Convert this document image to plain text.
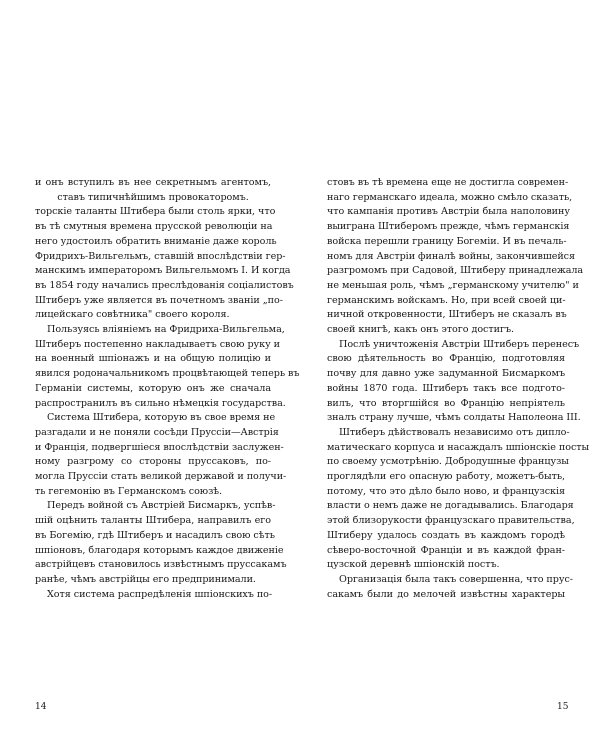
и онъ вступилъ въ нее секретнымъ агентомъ,
ставъ типичнѣйшимъ провокаторомъ.
торскіе таланты Штибера были столь ярки, что
въ тѣ смутныя времена прусской революціи на
него удостоилъ обратить вниманіе даже король
Фридрихъ-Вильгельмъ, ставшій впослѣдствіи гер-
манскимъ императоромъ Вильгельмомъ I. И когда
въ 1854 году начались преслѣдованія соціалистовъ
Штиберъ уже является въ почетномъ званіи „по-
лицейскаго совѣтника" своего короля.
Пользуясь вліяніемъ на Фридриха-Вильгельма,
Штиберъ постепенно накладываетъ свою руку и
на военный шпіонажъ и на общую полицію и
явился родоначальникомъ процвѣтающей теперь въ
Германіи системы, которую онъ же сначала
распространилъ въ сильно нѣмецкія государства.
Система Штибера, которую въ свое время не
разгадали и не поняли сосѣди Пруссіи—Австрія
и Франція, подвергшіеся впослѣдствіи заслужен-
ному разгрому со стороны пруссаковъ, по-
могла Пруссіи стать великой державой и получи-
ть гегемонію въ Германскомъ союзѣ.
Передъ войной съ Австріей Бисмаркъ, успѣв-
шій оцѣнить таланты Штибера, направилъ его
въ Богемію, гдѣ Штиберъ и насадилъ свою сѣть
шпіоновъ, благодаря которымъ каждое движеніе
австрійцевъ становилось извѣстнымъ пруссакамъ
ранѣе, чѣмъ австрійцы его предпринимали.
Хотя система распредѣленія шпіонскихъ по-
стовъ въ тѣ времена еще не достигла современ-
наго германскаго идеала, можно смѣло сказать,
что кампанія противъ Австріи была наполовину
выиграна Штиберомъ прежде, чѣмъ германскія
войска перешли границу Богеміи. И въ печаль-
номъ для Австріи финалѣ войны, закончившейся
разгромомъ при Садовой, Штиберу принадлежала
не меньшая роль, чѣмъ „германскому учителю" и
германскимъ войскамъ. Но, при всей своей ци-
ничной откровенности, Штиберъ не сказалъ въ
своей книгѣ, какъ онъ этого достигъ.
Послѣ уничтоженія Австріи Штиберъ перенесъ
свою дѣятельность во Францію, подготовляя
почву для давно уже задуманной Бисмаркомъ
войны 1870 года. Штиберъ такъ все подгото-
вилъ, что вторгшійся во Францію непріятель
зналъ страну лучше, чѣмъ солдаты Наполеона III.
Штиберъ дѣйствовалъ независимо отъ дипло-
матическаго корпуса и насаждалъ шпіонскіе посты
по своему усмотрѣнію. Добродушные французы
проглядѣли его опасную работу, можетъ-быть,
потому, что это дѣло было ново, и французскія
власти о немъ даже не догадывались. Благодаря
этой близорукости французскаго правительства,
Штиберу удалось создать въ каждомъ городѣ
сѣверо-восточной Франціи и въ каждой фран-
цузской деревнѣ шпіонскій постъ.
Организація была такъ совершенна, что прус-
сакамъ были до мелочей извѣстны характеры
14	15
